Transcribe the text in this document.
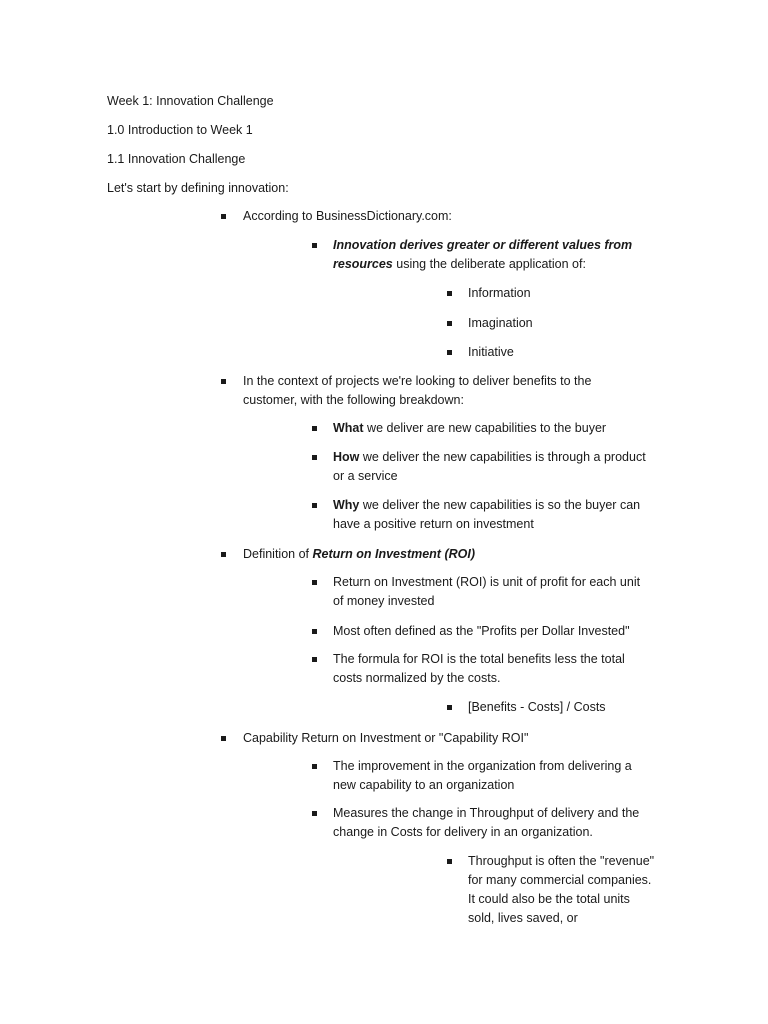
Week 1: Innovation Challenge
1.0 Introduction to Week 1
1.1 Innovation Challenge
Let's start by defining innovation:
According to BusinessDictionary.com:
Innovation derives greater or different values from resources using the deliberate application of:
Information
Imagination
Initiative
In the context of projects we're looking to deliver benefits to the customer, with the following breakdown:
What we deliver are new capabilities to the buyer
How we deliver the new capabilities is through a product or a service
Why we deliver the new capabilities is so the buyer can have a positive return on investment
Definition of Return on Investment (ROI)
Return on Investment (ROI) is unit of profit for each unit of money invested
Most often defined as the "Profits per Dollar Invested"
The formula for ROI is the total benefits less the total costs normalized by the costs.
[Benefits - Costs] / Costs
Capability Return on Investment or "Capability ROI"
The improvement in the organization from delivering a new capability to an organization
Measures the change in Throughput of delivery and the change in Costs for delivery in an organization.
Throughput is often the "revenue" for many commercial companies. It could also be the total units sold, lives saved, or
